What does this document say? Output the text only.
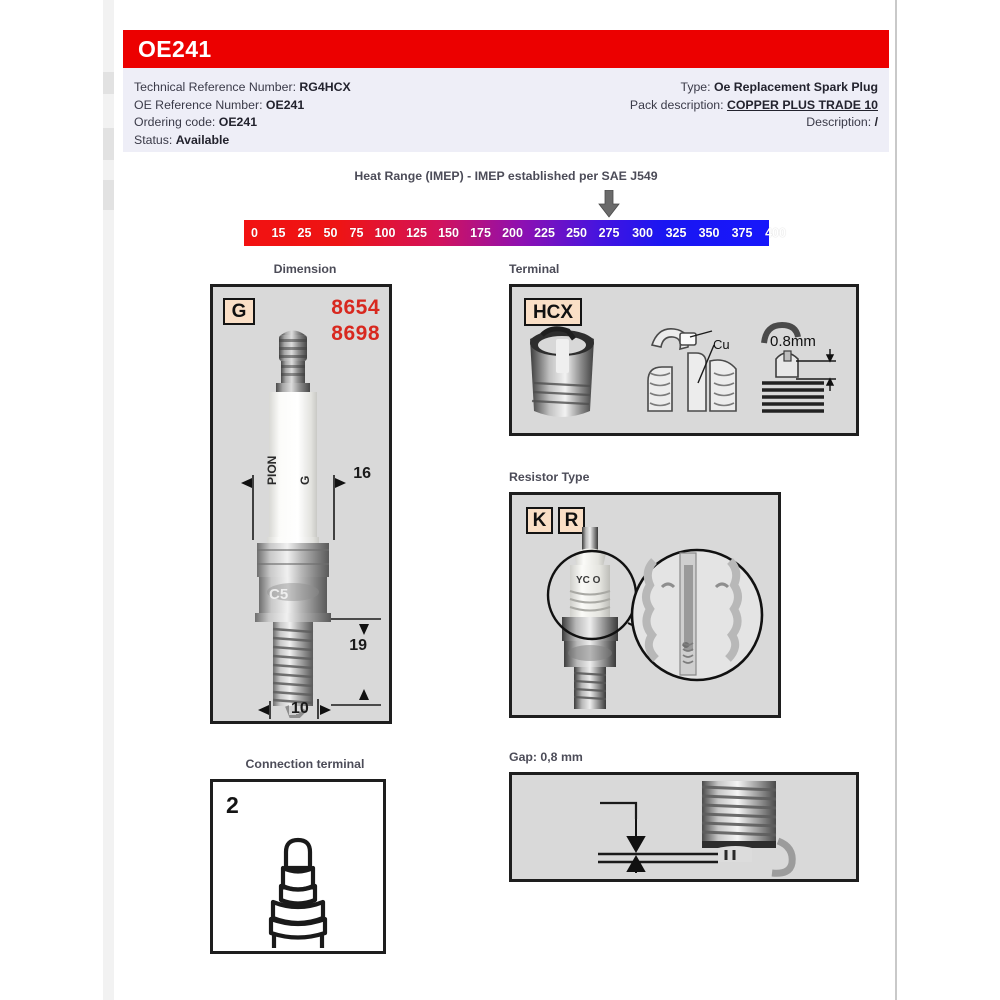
OE241
Technical Reference Number: RG4HCX
OE Reference Number: OE241
Ordering code: OE241
Status: Available
Type: Oe Replacement Spark Plug
Pack description: COPPER PLUS TRADE 10
Description: /
Heat Range (IMEP) - IMEP established per SAE J549
0	15 25 50 75 100 125 150 175 200 225 250 275	300	325 350 375	400
Dimension
G	8654
8698
PION G
C5
16
19
10
Connection terminal
2
Terminal
HCX
Cu	0.8mm
Resistor Type
K R
YC O
Gap: 0,8 mm
